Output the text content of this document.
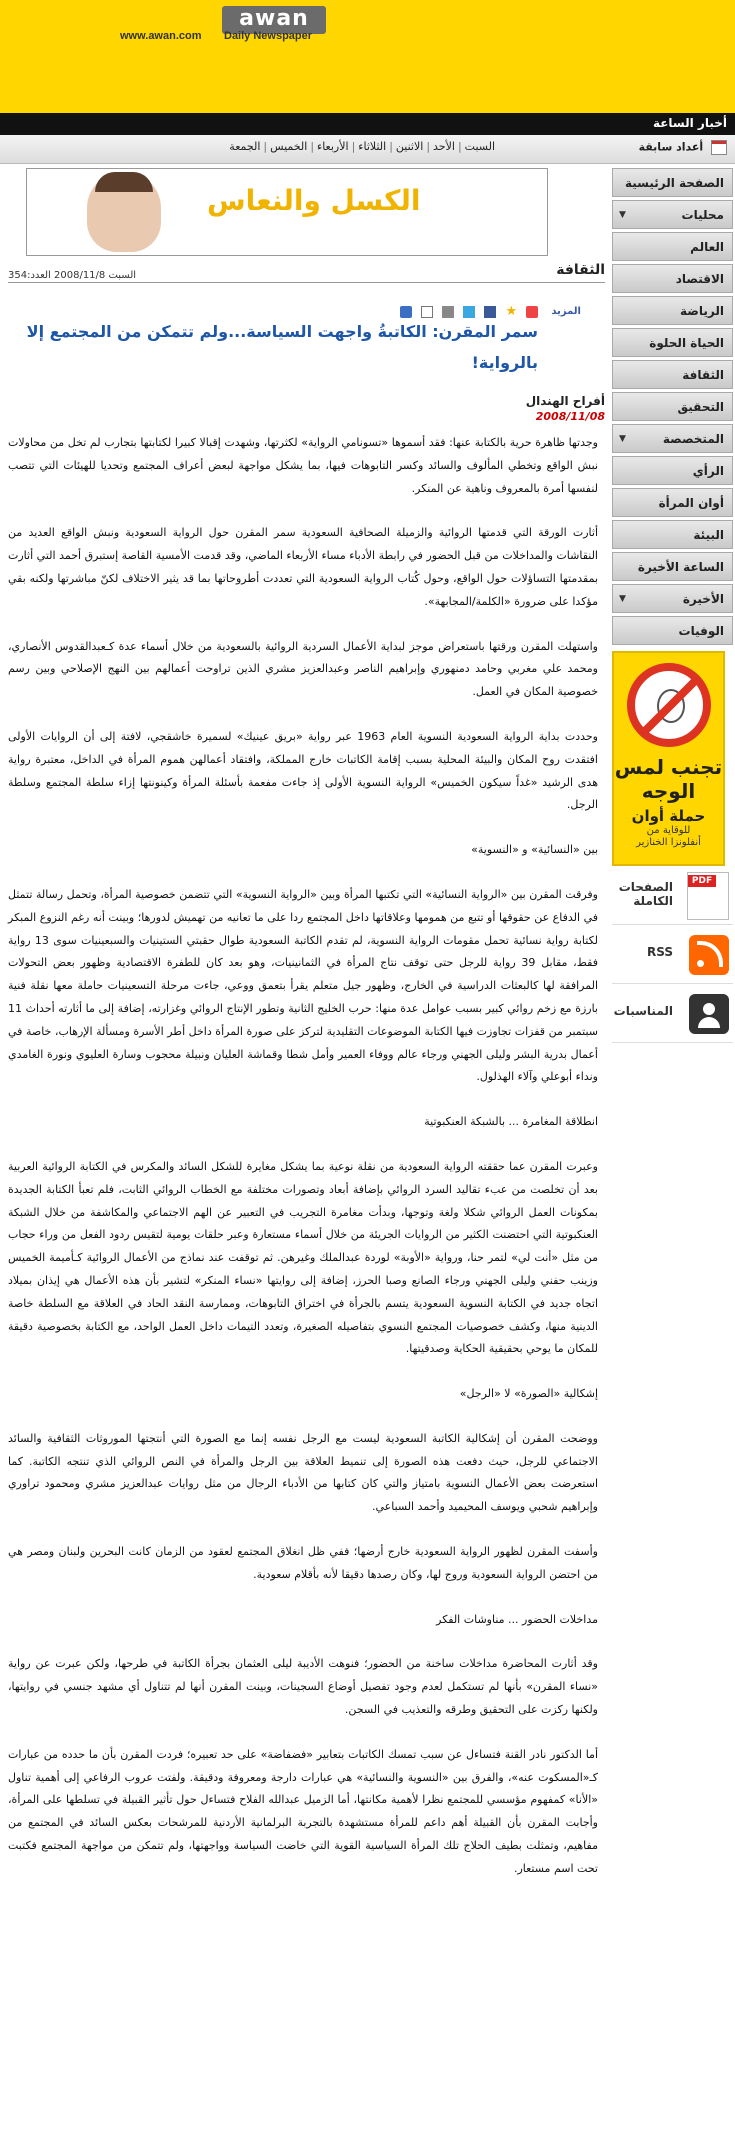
awan
www.awan.com Daily Newspaper
أخبار الساعة
أعداد سابقة
السبت|الأحد|الاثنين|الثلاثاء|الأربعاء|الخميس|الجمعة
الصفحة الرئيسية
محليات
▼
العالم
الاقتصاد
الرياضة
الحياة الحلوة
الثقافة
التحقيق
المتخصصة
▼
الرأي
أوان المرأة
البيئة
الساعة الأخيرة
الأخيرة
▼
الوفيات
تجنب لمس
الوجه
حملة أوان
للوقاية من
أنفلونزا الخنازير
الصفحات
الكاملة
PDF
RSS
المناسبات
الكسل والنعاس
السبت 2008/11/8 العدد:354	الثقافة
★	المزيد
سمر المقرن: الكاتبةُ واجهت السياسة...ولم تتمكن من المجتمع إلا بالرواية!
أفراح الهندال
2008/11/08

وجدتها ظاهرة حرية بالكتابة عنها: فقد أسموها «تسونامي الرواية» لكثرتها، وشهدت إقبالا كبيرا لكتابتها بتجارب لم تخل من محاولات نبش الواقع وتخطي المألوف والسائد وكسر التابوهات فيها، بما يشكل مواجهة لبعض أعراف المجتمع وتحديا للهيئات التي تتصب لنفسها أمرة بالمعروف وناهية عن المنكر.

أثارت الورقة التي قدمتها الروائية والزميلة الصحافية السعودية سمر المقرن حول الرواية السعودية ونبش الواقع العديد من النقاشات والمداخلات من قبل الحضور في رابطة الأدباء مساء الأربعاء الماضي، وقد قدمت الأمسية القاصة إستبرق أحمد التي أثارت بمقدمتها التساؤلات حول الواقع، وحول كُتاب الرواية السعودية التي تعددت أطروحاتها بما قد يثير الاختلاف لكنّ مباشرتها ولكنه بقي مؤكدا على ضرورة «الكلمة/المجابهة».

واستهلت المقرن ورقتها باستعراض موجز لبداية الأعمال السردية الروائية بالسعودية من خلال أسماء عدة كـعبدالقدوس الأنصاري، ومحمد علي مغربي وحامد دمنهوري وإبراهيم الناصر وعبدالعزيز مشري الذين تراوحت أعمالهم بين النهج الإصلاحي وبين رسم خصوصية المكان في العمل.

وحددت بداية الرواية السعودية النسوية العام 1963 عبر رواية «بريق عينيك» لسميرة خاشقجي، لافتة إلى أن الروايات الأولى افتقدت روح المكان والبيئة المحلية بسبب إقامة الكاتبات خارج المملكة، وافتقاد أعمالهن هموم المرأة في الداخل، معتبرة رواية هدى الرشيد «غداً سيكون الخميس» الرواية النسوية الأولى إذ جاءت مفعمة بأسئلة المرأة وكينونتها إزاء سلطة المجتمع وسلطة الرجل.

بين «النسائية» و «النسوية»

وفرقت المقرن بين «الرواية النسائية» التي تكتبها المرأة وبين «الرواية النسوية» التي تتضمن خصوصية المرأة، وتحمل رسالة تتمثل في الدفاع عن حقوقها أو تتبع من همومها وعلاقاتها داخل المجتمع ردا على ما تعانيه من تهميش لدورها؛ وبينت أنه رغم النزوع المبكر لكتابة رواية نسائية تحمل مقومات الرواية النسوية، لم تقدم الكاتبة السعودية طوال حقبتي الستينيات والسبعينيات سوى 13 رواية فقط، مقابل 39 رواية للرجل حتى توقف نتاج المرأة في الثمانينيات، وهو بعد كان للطفرة الاقتصادية وظهور بعض التحولات المرافقة لها كالبعثات الدراسية في الخارج، وظهور جيل متعلم يقرأ بتعمق ووعي، جاءت مرحلة التسعينيات حاملة معها نقلة فنية بارزة مع زخم روائي كبير بسبب عوامل عدة منها: حرب الخليج الثانية وتطور الإنتاج الروائي وغزارته، إضافة إلى ما أثارته أحداث 11 سبتمبر من قفزات تجاوزت فيها الكتابة الموضوعات التقليدية لتركز على صورة المرأة داخل أطر الأسرة ومسألة الإرهاب، خاصة في أعمال بدرية البشر وليلى الجهني ورجاء عالم ووفاء العمير وأمل شطا وقماشة العليان ونبيلة محجوب وسارة العليوي ونورة الغامدي ونداء أبوعلي وآلاء الهذلول.

انطلاقة المغامرة ... بالشبكة العنكبوتية

وعبرت المقرن عما حققته الرواية السعودية من نقلة نوعية بما يشكل مغايرة للشكل السائد والمكرس في الكتابة الروائية العربية بعد أن تخلصت من عبء تقاليد السرد الروائي بإضافة أبعاد وتصورات مختلفة مع الخطاب الروائي الثابت، فلم تعبأ الكتابة الجديدة بمكونات العمل الروائي شكلا ولغة وتوجها، وبدأت مغامرة التجريب في التعبير عن الهم الاجتماعي والمكاشفة من خلال الشبكة العنكبوتية التي احتضنت الكثير من الروايات الجريئة من خلال أسماء مستعارة وعبر حلقات يومية لتقيس ردود الفعل من وراء حجاب من مثل «أنت لي» لتمر حنا، ورواية «الأوبة» لوردة عبدالملك وغيرهن. ثم توقفت عند نماذج من الأعمال الروائية كـأميمة الخميس وزينب حفني وليلى الجهني ورجاء الصانع وصبا الحرز، إضافة إلى روايتها «نساء المنكر» لتشير بأن هذه الأعمال هي إيذان بميلاد اتجاه جديد في الكتابة النسوية السعودية يتسم بالجرأة في اختراق التابوهات، وممارسة النقد الحاد في العلاقة مع السلطة خاصة الدينية منها، وكشف خصوصيات المجتمع النسوي بتفاصيله الصغيرة، وتعدد التيمات داخل العمل الواحد، مع الكتابة بخصوصية دقيقة للمكان ما يوحي بحقيقية الحكاية وصدقيتها.

إشكالية «الصورة» لا «الرجل»

ووضحت المقرن أن إشكالية الكاتبة السعودية ليست مع الرجل نفسه إنما مع الصورة التي أنتجتها الموروثات الثقافية والسائد الاجتماعي للرجل، حيث دفعت هذه الصورة إلى تنميط العلاقة بين الرجل والمرأة في النص الروائي الذي تنتجه الكاتبة. كما استعرضت بعض الأعمال النسوية بامتياز والتي كان كتابها من الأدباء الرجال من مثل روايات عبدالعزيز مشري ومحمود تراوري وإبراهيم شحبي ويوسف المحيميد وأحمد السباعي.

وأسفت المقرن لظهور الرواية السعودية خارج أرضها؛ ففي ظل انغلاق المجتمع لعقود من الزمان كانت البحرين ولبنان ومصر هي من احتضن الرواية السعودية وروج لها، وكان رصدها دقيقا لأنه بأقلام سعودية.

مداخلات الحضور ... مناوشات الفكر

وقد أثارت المحاضرة مداخلات ساخنة من الحضور؛ فنوهت الأديبة ليلى العثمان بجرأة الكاتبة في طرحها، ولكن عبرت عن رواية «نساء المقرن» بأنها لم تستكمل لعدم وجود تفصيل أوضاع السجينات، وبينت المقرن أنها لم تتناول أي مشهد جنسي في روايتها، ولكنها ركزت على التحقيق وطرقه والتعذيب في السجن.

أما الدكتور نادر القنة فتساءل عن سبب تمسك الكاتبات بتعابير «فضفاضة» على حد تعبيره؛ فردت المقرن بأن ما حدده من عبارات كـ«المسكوت عنه»، والفرق بين «النسوية والنسائية» هي عبارات دارجة ومعروفة ودقيقة. ولفتت عروب الرفاعي إلى أهمية تناول «الأنا» كمفهوم مؤسسي للمجتمع نظرا لأهمية مكانتها، أما الزميل عبدالله الفلاح فتساءل حول تأثير القبيلة في تسلطها على المرأة، وأجابت المقرن بأن القبيلة أهم داعم للمرأة مستشهدة بالتجربة البرلمانية الأردنية للمرشحات بعكس السائد في المجتمع من مفاهيم، وتمثلت بطيف الحلاج تلك المرأة السياسية القوية التي خاضت السياسة وواجهتها، ولم تتمكن من مواجهة المجتمع فكتبت تحت اسم مستعار.
